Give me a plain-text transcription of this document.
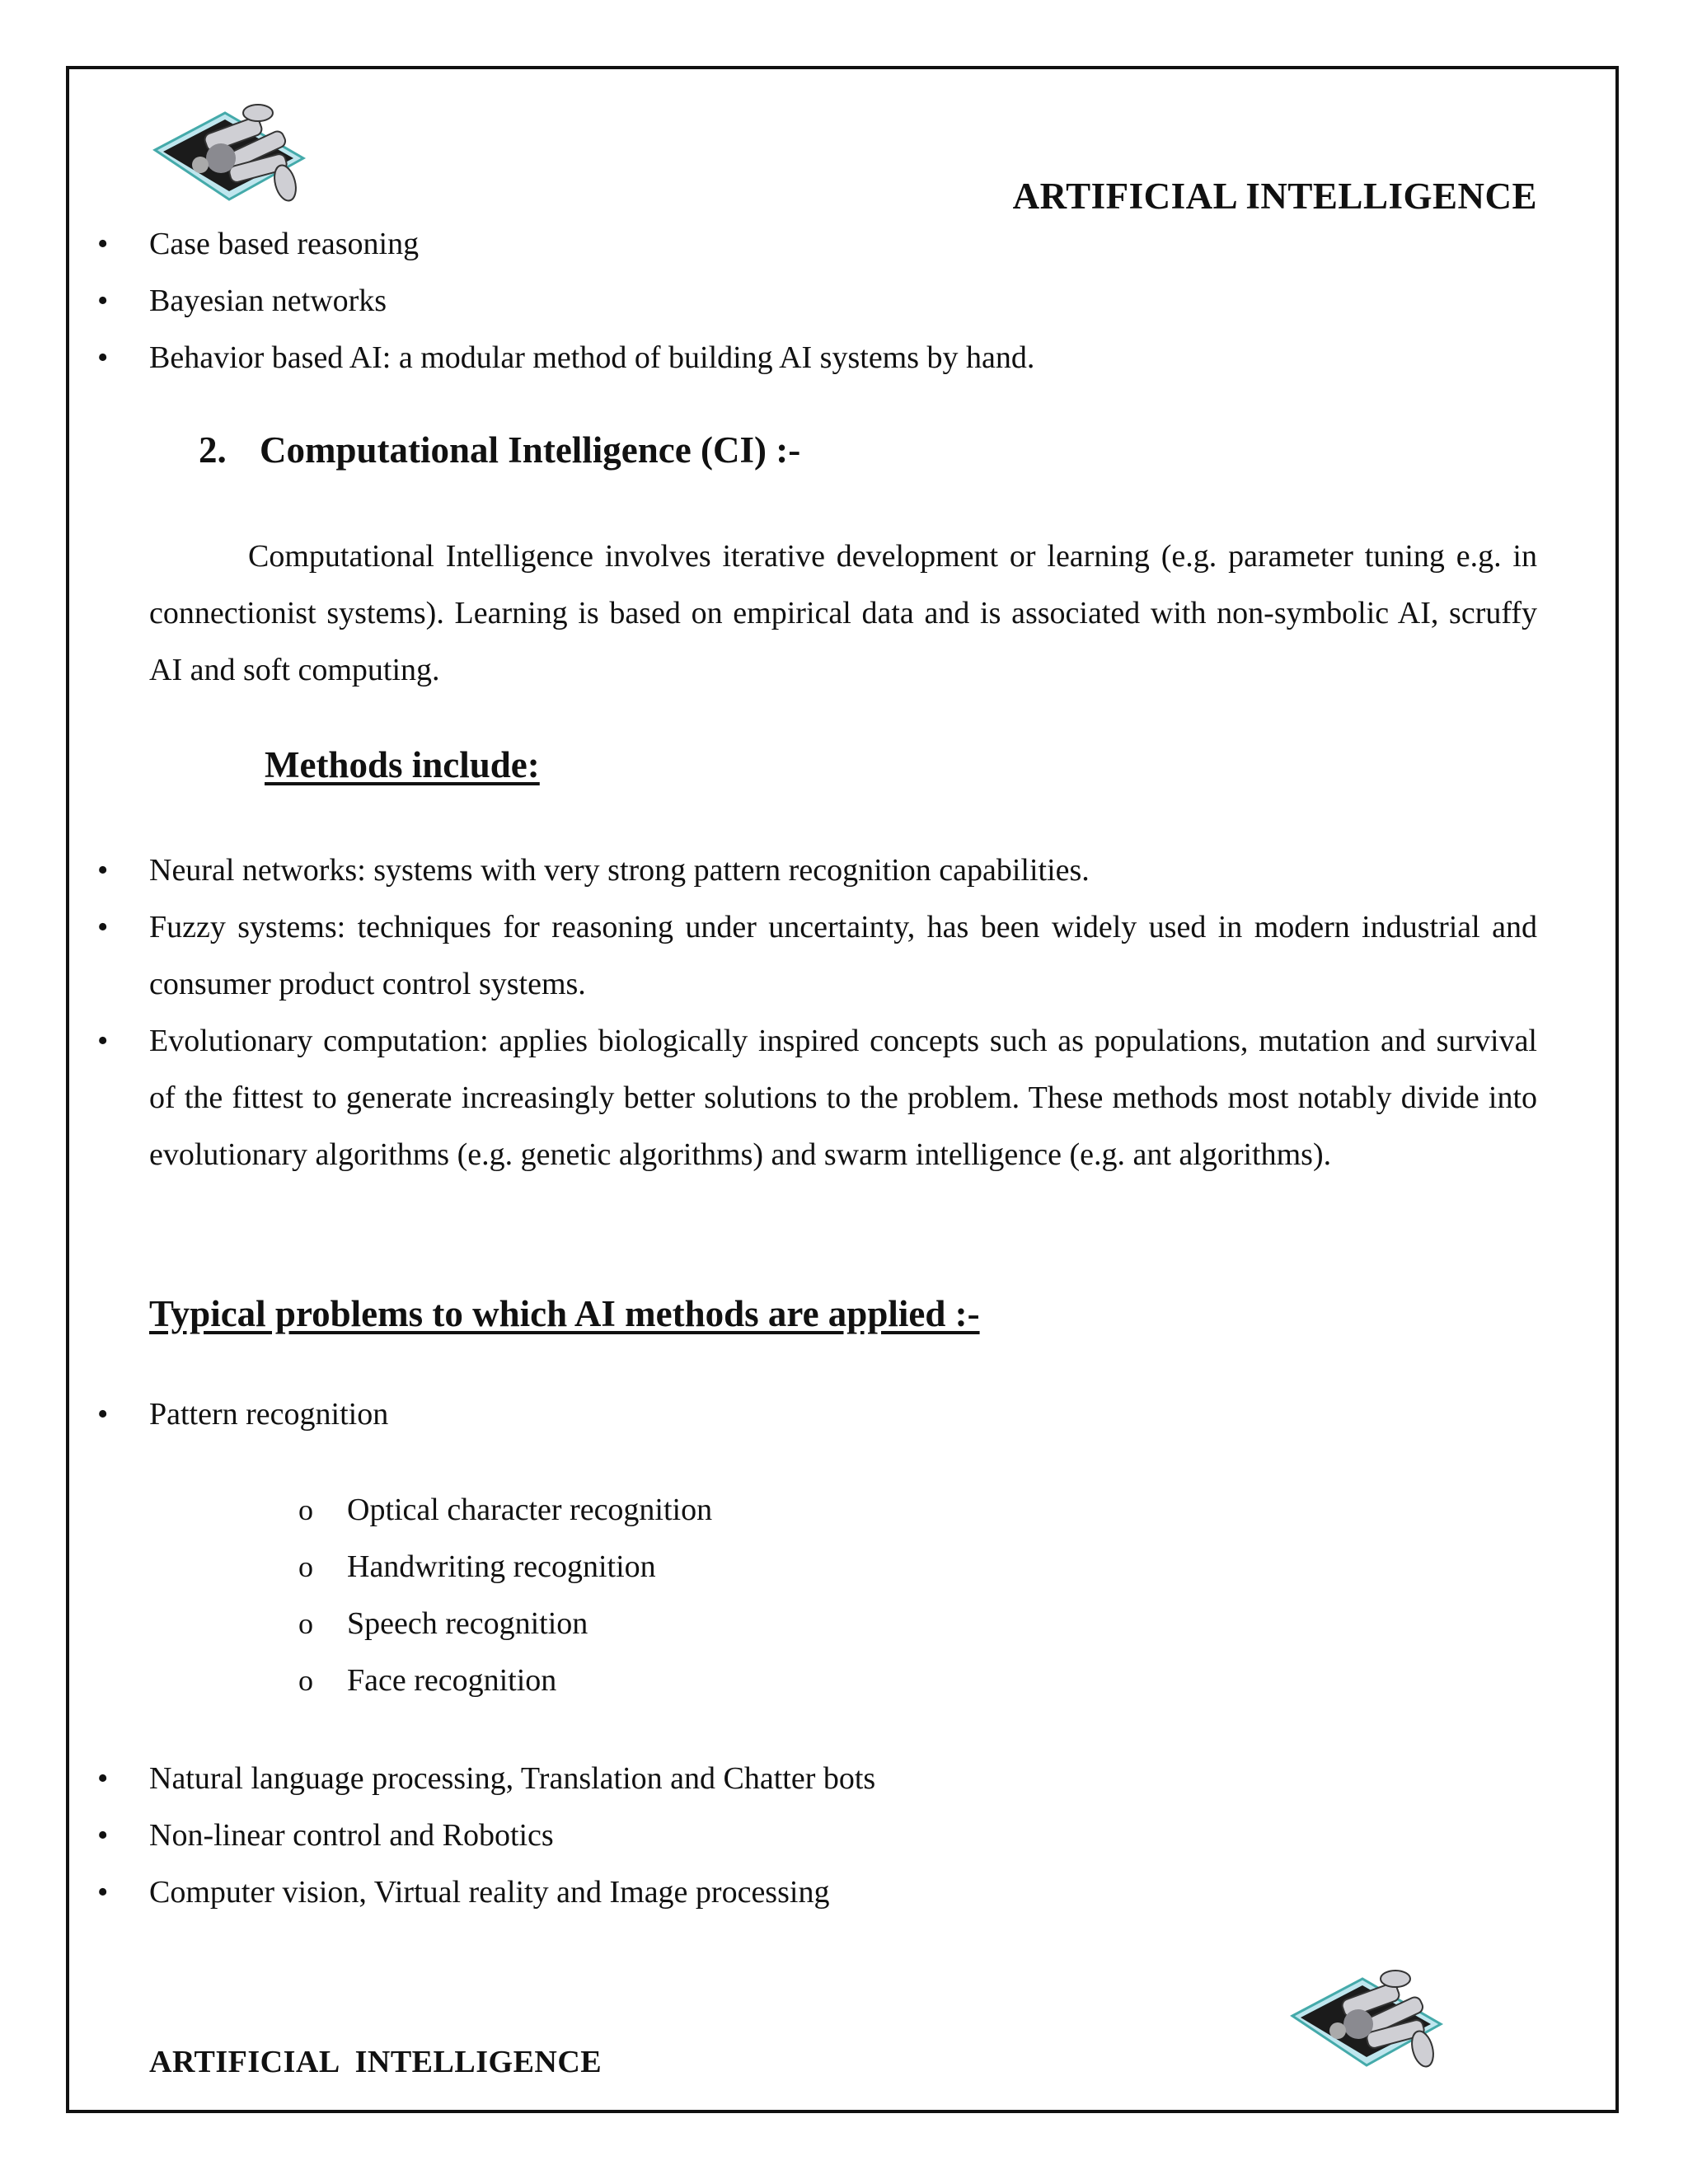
ARTIFICIAL INTELLIGENCE
• Case based reasoning
• Bayesian networks
• Behavior based AI: a modular method of building AI systems by hand.
2. Computational Intelligence (CI) :-
Computational Intelligence involves iterative development or learning (e.g. parameter tuning e.g. in connectionist systems). Learning is based on empirical data and is associated with non-symbolic AI, scruffy AI and soft computing.
Methods include:
• Neural networks: systems with very strong pattern recognition capabilities.
• Fuzzy systems: techniques for reasoning under uncertainty, has been widely used in modern industrial and consumer product control systems.
• Evolutionary computation: applies biologically inspired concepts such as populations, mutation and survival of the fittest to generate increasingly better solutions to the problem. These methods most notably divide into evolutionary algorithms (e.g. genetic algorithms) and swarm intelligence (e.g. ant algorithms).
Typical problems to which AI methods are applied :-
• Pattern recognition
o Optical character recognition
o Handwriting recognition
o Speech recognition
o Face recognition
• Natural language processing, Translation and Chatter bots
• Non-linear control and Robotics
• Computer vision, Virtual reality and Image processing
ARTIFICIAL  INTELLIGENCE
